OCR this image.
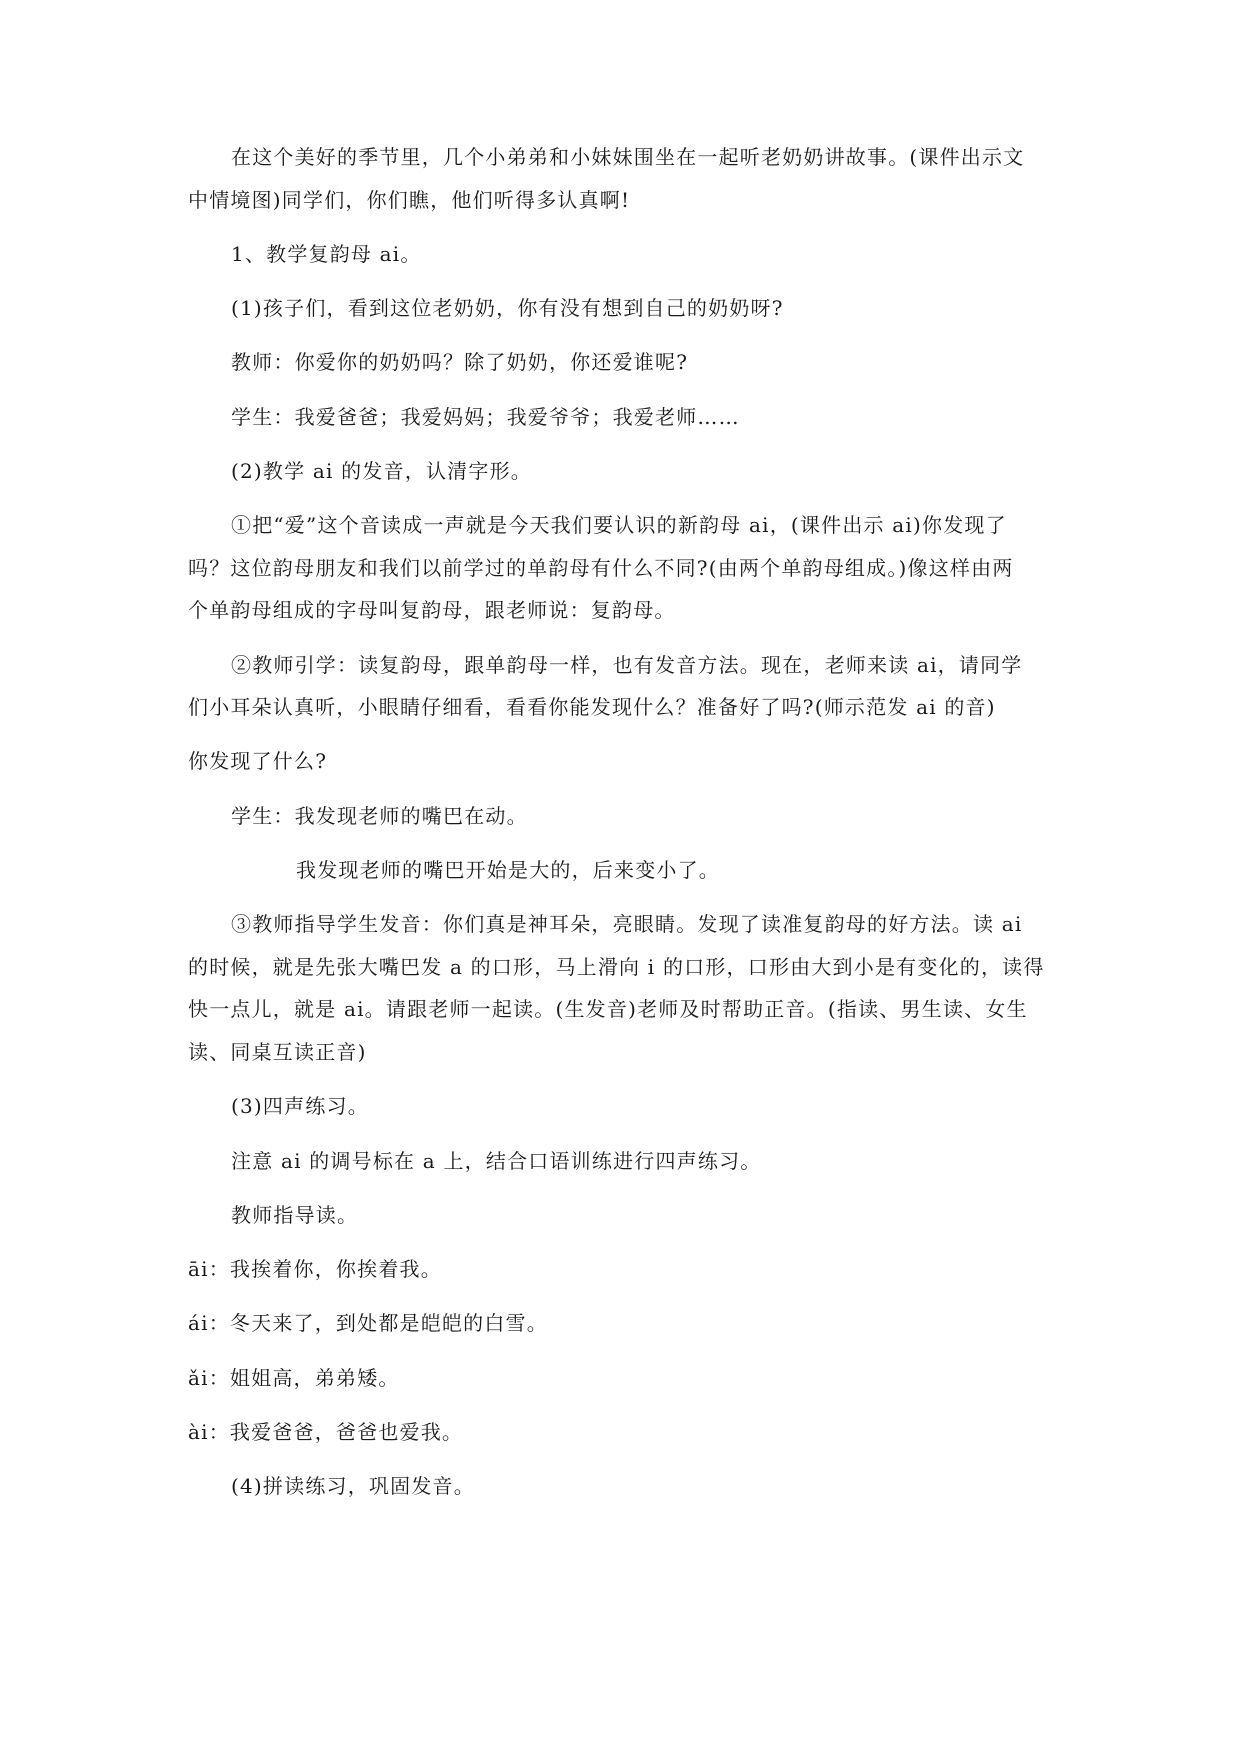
在这个美好的季节里，几个小弟弟和小妹妹围坐在一起听老奶奶讲故事。(课件出示文
中情境图)同学们，你们瞧，他们听得多认真啊!
1、教学复韵母 ai。
(1)孩子们，看到这位老奶奶，你有没有想到自己的奶奶呀?
教师：你爱你的奶奶吗？除了奶奶，你还爱谁呢?
学生：我爱爸爸；我爱妈妈；我爱爷爷；我爱老师……
(2)教学 ai 的发音，认清字形。
①把“爱”这个音读成一声就是今天我们要认识的新韵母 ai，(课件出示 ai)你发现了
吗？这位韵母朋友和我们以前学过的单韵母有什么不同?(由两个单韵母组成。)像这样由两
个单韵母组成的字母叫复韵母，跟老师说：复韵母。
②教师引学：读复韵母，跟单韵母一样，也有发音方法。现在，老师来读 ai，请同学
们小耳朵认真听，小眼睛仔细看，看看你能发现什么？准备好了吗?(师示范发 ai 的音)
你发现了什么?
学生：我发现老师的嘴巴在动。
我发现老师的嘴巴开始是大的，后来变小了。
③教师指导学生发音：你们真是神耳朵，亮眼睛。发现了读准复韵母的好方法。读 ai
的时候，就是先张大嘴巴发 a 的口形，马上滑向 i 的口形，口形由大到小是有变化的，读得
快一点儿，就是 ai。请跟老师一起读。(生发音)老师及时帮助正音。(指读、男生读、女生
读、同桌互读正音)
(3)四声练习。
注意 ai 的调号标在 a 上，结合口语训练进行四声练习。
教师指导读。
āi：我挨着你，你挨着我。
ái：冬天来了，到处都是皑皑的白雪。
ǎi：姐姐高，弟弟矮。
ài：我爱爸爸，爸爸也爱我。
(4)拼读练习，巩固发音。
